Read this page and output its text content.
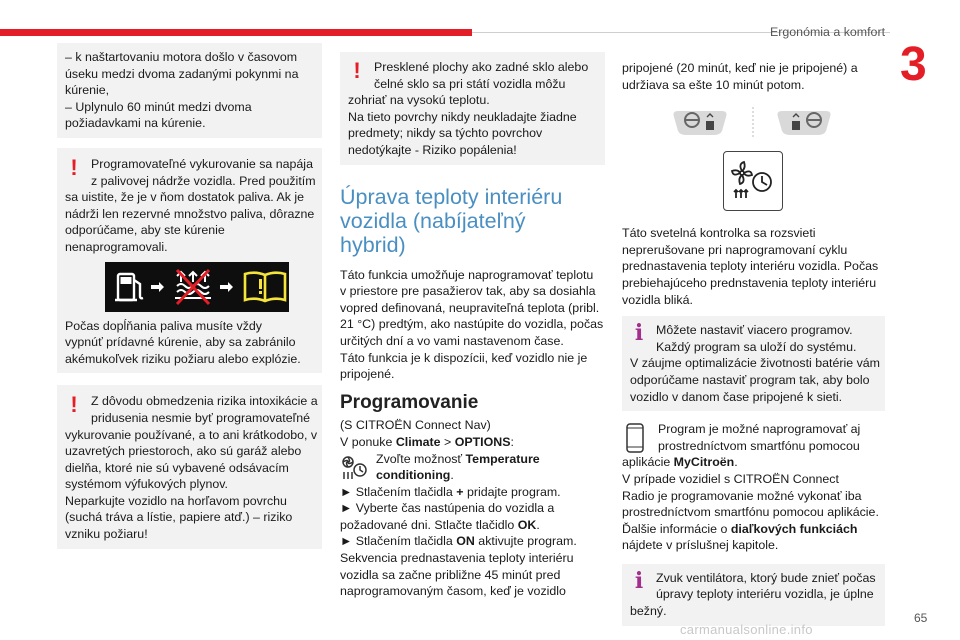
Ergonómia a komfort
3

– k naštartovaniu motora došlo v časovom

úseku medzi dvoma zadanými pokynmi na

kúrenie,

– Uplynulo 60 minút medzi dvoma

požiadavkami na kúrenie.

!	Programovateľné vykurovanie sa napája

z palivovej nádrže vozidla. Pred použitím

sa uistite, že je v ňom dostatok paliva. Ak je

nádrži len rezervné množstvo paliva, dôrazne

odporúčame, aby ste kúrenie

nenaprogramovali.

Počas dopĺňania paliva musíte vždy

vypnúť prídavné kúrenie, aby sa zabránilo

akémukoľvek riziku požiaru alebo explózie.

!	Z dôvodu obmedzenia rizika intoxikácie a

pridusenia nesmie byť programovateľné

vykurovanie používané, a to ani krátkodobo, v

uzavretých priestoroch, ako sú garáž alebo

dielňa, ktoré nie sú vybavené odsávacím

systémom výfukových plynov.

Neparkujte vozidlo na horľavom povrchu

(suchá tráva a lístie, papiere atď.) – riziko

vzniku požiaru!

!	Presklené plochy ako zadné sklo alebo

čelné sklo sa pri státí vozidla môžu

zohriať na vysokú teplotu.

Na tieto povrchy nikdy neukladajte žiadne

predmety; nikdy sa týchto povrchov

nedotýkajte - Riziko popálenia!

Úprava teploty interiéru
vozidla (nabíjateľný
hybrid)

Táto funkcia umožňuje naprogramovať teplotu

v priestore pre pasažierov tak, aby sa dosiahla

vopred definovaná, neupraviteľná teplota (pribl.

21 °C) predtým, ako nastúpite do vozidla, počas

určitých dní a vo vami nastavenom čase.

Táto funkcia je k dispozícii, keď vozidlo nie je

pripojené.

Programovanie

(S CITROËN Connect Nav)

V ponuke Climate > OPTIONS:

Zvoľte možnosť Temperature

conditioning.

► Stlačením tlačidla + pridajte program.

► Vyberte čas nastúpenia do vozidla a

požadované dni. Stlačte tlačidlo OK.

► Stlačením tlačidla ON aktivujte program.

Sekvencia prednastavenia teploty interiéru

vozidla sa začne približne 45 minút pred

naprogramovaným časom, keď je vozidlo

pripojené (20 minút, keď nie je pripojené) a

udržiava sa ešte 10 minút potom.

Táto svetelná kontrolka sa rozsvieti

neprerušovane pri naprogramovaní cyklu

prednastavenia teploty interiéru vozidla. Počas

prebiehajúceho prednstavenia teploty interiéru

vozidla bliká.

i	Môžete nastaviť viacero programov.

Každý program sa uloží do systému.

V záujme optimalizácie životnosti batérie vám

odporúčame nastaviť program tak, aby bolo

vozidlo v danom čase pripojené k sieti.

Program je možné naprogramovať aj

prostredníctvom smartfónu pomocou

aplikácie MyCitroën.

V prípade vozidiel s CITROËN Connect

Radio je programovanie možné vykonať iba

prostredníctvom smartfónu pomocou aplikácie.

Ďalšie informácie o diaľkových funkciách

nájdete v príslušnej kapitole.

i	Zvuk ventilátora, ktorý bude znieť počas

úpravy teploty interiéru vozidla, je úplne

bežný.	65
carmanualsonline.info
